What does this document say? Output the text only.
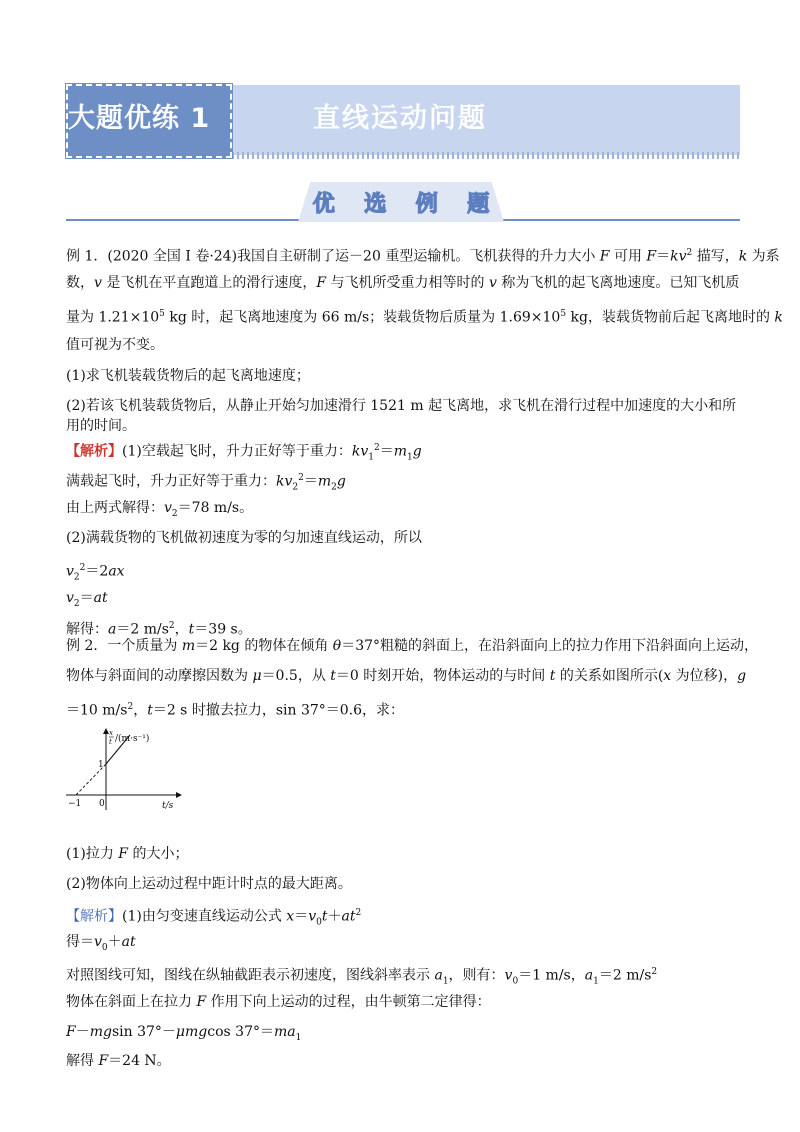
大题优练 1	直线运动问题
优 选 例 题
例 1．(2020 全国 I 卷·24)我国自主研制了运－20 重型运输机。飞机获得的升力大小 F 可用 $F=kv^2$ 描写，k 为系
数，v 是飞机在平直跑道上的滑行速度，F 与飞机所受重力相等时的 v 称为飞机的起飞离地速度。已知飞机质
量为 $1.21\times 10^5$ kg 时，起飞离地速度为 66 m/s；装载货物后质量为 $1.69\times 10^5$ kg，装载货物前后起飞离地时的 k
值可视为不变。
(1)求飞机装载货物后的起飞离地速度；
(2)若该飞机装载货物后，从静止开始匀加速滑行 1521 m 起飞离地，求飞机在滑行过程中加速度的大小和所
用的时间。
【解析】(1)空载起飞时，升力正好等于重力：$kv_1^2=m_1g$
满载起飞时，升力正好等于重力：$kv_2^2=m_2g$
由上两式解得：$v_2=78$ m/s。
(2)满载货物的飞机做初速度为零的匀加速直线运动，所以
$v_2^2=2ax$
$v_2=at$
解得：a＝2 $m/s^2$，t＝39 s。
例 2．一个质量为 m＝2 kg 的物体在倾角 θ＝37°粗糙的斜面上，在沿斜面向上的拉力作用下沿斜面向上运动，
物体与斜面间的动摩擦因数为 μ＝0.5，从 t＝0 时刻开始，物体运动的与时间 t 的关系如图所示(x 为位移)，g
＝10 $m/s^2$，t＝2 s 时撤去拉力，sin 37°＝0.6，求：
x
t /(m·s⁻¹)
t/s
1
−1 0
(1)拉力 F 的大小；
(2)物体向上运动过程中距计时点的最大距离。
【解析】(1)由匀变速直线运动公式 $x=v_0t+at^2$
得$=v_0+at$
对照图线可知，图线在纵轴截距表示初速度，图线斜率表示 $a_1$，则有：$v_0=1$ m/s，$a_1=2$ $m/s^2$
物体在斜面上在拉力 F 作用下向上运动的过程，由牛顿第二定律得：
F－mgsin 37°－μmgcos $37^\circ=ma_1$
解得 F＝24 N。
